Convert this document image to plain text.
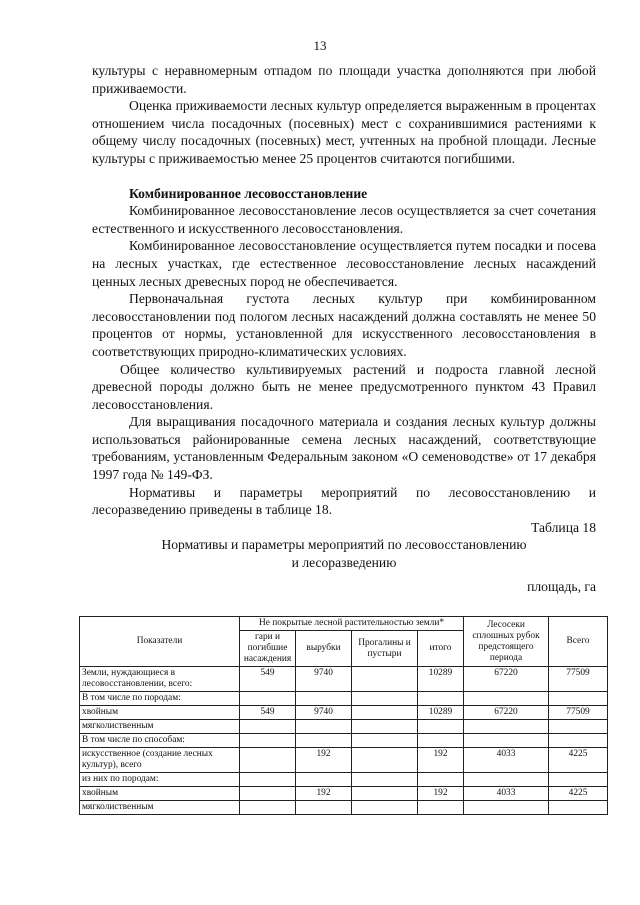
13

культуры с неравномерным отпадом по площади участка дополняются при любой приживаемости.

Оценка приживаемости лесных культур определяется выраженным в процентах отношением числа посадочных (посевных) мест с сохранившимися растениями к общему числу посадочных (посевных) мест, учтенных на пробной площади. Лесные культуры с приживаемостью менее 25 процентов считаются погибшими.

Комбинированное лесовосстановление

Комбинированное лесовосстановление лесов осуществляется за счет сочетания естественного и искусственного лесовосстановления.

Комбинированное лесовосстановление осуществляется путем посадки и посева на лесных участках, где естественное лесовосстановление лесных насаждений ценных лесных древесных пород не обеспечивается.

Первоначальная густота лесных культур при комбинированном лесовосстановлении под пологом лесных насаждений должна составлять не менее 50 процентов от нормы, установленной для искусственного лесовосстановления в соответствующих природно-климатических условиях.

Общее количество культивируемых растений и подроста главной лесной древесной породы должно быть не менее предусмотренного пунктом 43 Правил лесовосстановления.

Для выращивания посадочного материала и создания лесных культур должны использоваться районированные семена лесных насаждений, соответствующие требованиям, установленным Федеральным законом «О семеноводстве» от 17 декабря 1997 года № 149-ФЗ.

Нормативы и параметры мероприятий по лесовосстановлению и лесоразведению приведены в таблице 18.

Таблица 18

Нормативы и параметры мероприятий по лесовосстановлению

и лесоразведению

площадь, га

Показатели	Не покрытые лесной растительностью земли*				Лесосеки сплошных рубок предстоящего периода	Всего
	гари и погибшие насаждения	вырубки	Прогалины и пустыри	итого		
Земли, нуждающиеся в лесовосстановлении, всего:	549	9740		10289	67220	77509
В том числе по породам:						
хвойным	549	9740		10289	67220	77509
мягколиственным						
В том числе по способам:						
искусственное (создание лесных культур), всего		192		192	4033	4225
из них по породам:						
хвойным		192		192	4033	4225
мягколиственным						
